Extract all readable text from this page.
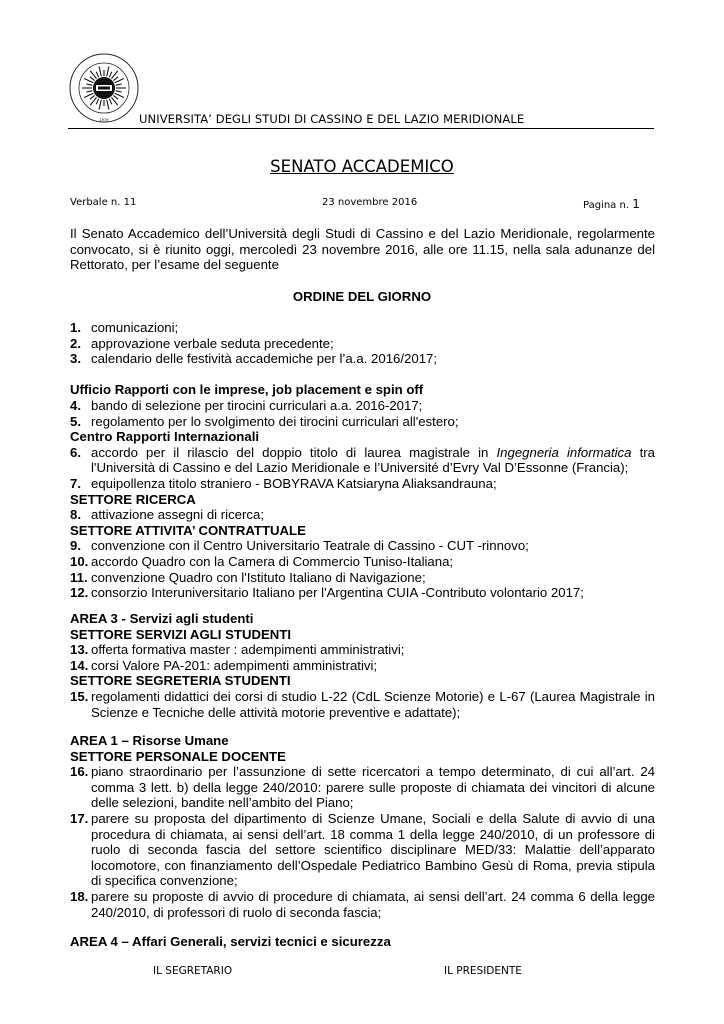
1979	UNIVERSITA’ DEGLI STUDI DI CASSINO E DEL LAZIO MERIDIONALE
SENATO ACCADEMICO
Verbale n. 11	23 novembre 2016	Pagina n. 1
Il Senato Accademico dell’Università degli Studi di Cassino e del Lazio Meridionale, regolarmente convocato, si è riunito oggi, mercoledì 23 novembre 2016, alle ore 11.15, nella sala adunanze del Rettorato, per l’esame del seguente
ORDINE DEL GIORNO
1. comunicazioni;
2. approvazione verbale seduta precedente;
3. calendario delle festività accademiche per l’a.a. 2016/2017;
Ufficio Rapporti con le imprese, job placement e spin off
4. bando di selezione per tirocini curriculari a.a. 2016-2017;
5. regolamento per lo svolgimento dei tirocini curriculari all'estero;
Centro Rapporti Internazionali
6. accordo per il rilascio del doppio titolo di laurea magistrale in Ingegneria informatica tra l'Università di Cassino e del Lazio Meridionale e l’Université d’Evry Val D’Essonne (Francia);
7. equipollenza titolo straniero - BOBYRAVA Katsiaryna Aliaksandrauna;
SETTORE RICERCA
8. attivazione assegni di ricerca;
SETTORE ATTIVITA’ CONTRATTUALE
9. convenzione con il Centro Universitario Teatrale di Cassino - CUT -rinnovo;
10. accordo Quadro con la Camera di Commercio Tuniso-Italiana;
11. convenzione Quadro con l'Istituto Italiano di Navigazione;
12. consorzio Interuniversitario Italiano per l'Argentina CUIA -Contributo volontario 2017;
AREA 3 - Servizi agli studenti
SETTORE SERVIZI AGLI STUDENTI
13. offerta formativa master : adempimenti amministrativi;
14. corsi Valore PA-201: adempimenti amministrativi;
SETTORE SEGRETERIA STUDENTI
15. regolamenti didattici dei corsi di studio L-22 (CdL Scienze Motorie) e L-67 (Laurea Magistrale in Scienze e Tecniche delle attività motorie preventive e adattate);
AREA 1 – Risorse Umane
SETTORE PERSONALE DOCENTE
16. piano straordinario per l’assunzione di sette ricercatori a tempo determinato, di cui all’art. 24 comma 3 lett. b) della legge 240/2010: parere sulle proposte di chiamata dei vincitori di alcune delle selezioni, bandite nell’ambito del Piano;
17. parere su proposta del dipartimento di Scienze Umane, Sociali e della Salute di avvio di una procedura di chiamata, ai sensi dell’art. 18 comma 1 della legge 240/2010, di un professore di ruolo di seconda fascia del settore scientifico disciplinare MED/33: Malattie dell’apparato locomotore, con finanziamento dell’Ospedale Pediatrico Bambino Gesù di Roma, previa stipula di specifica convenzione;
18. parere su proposte di avvio di procedure di chiamata, ai sensi dell’art. 24 comma 6 della legge 240/2010, di professori di ruolo di seconda fascia;
AREA 4 – Affari Generali, servizi tecnici e sicurezza
IL SEGRETARIO	IL PRESIDENTE
